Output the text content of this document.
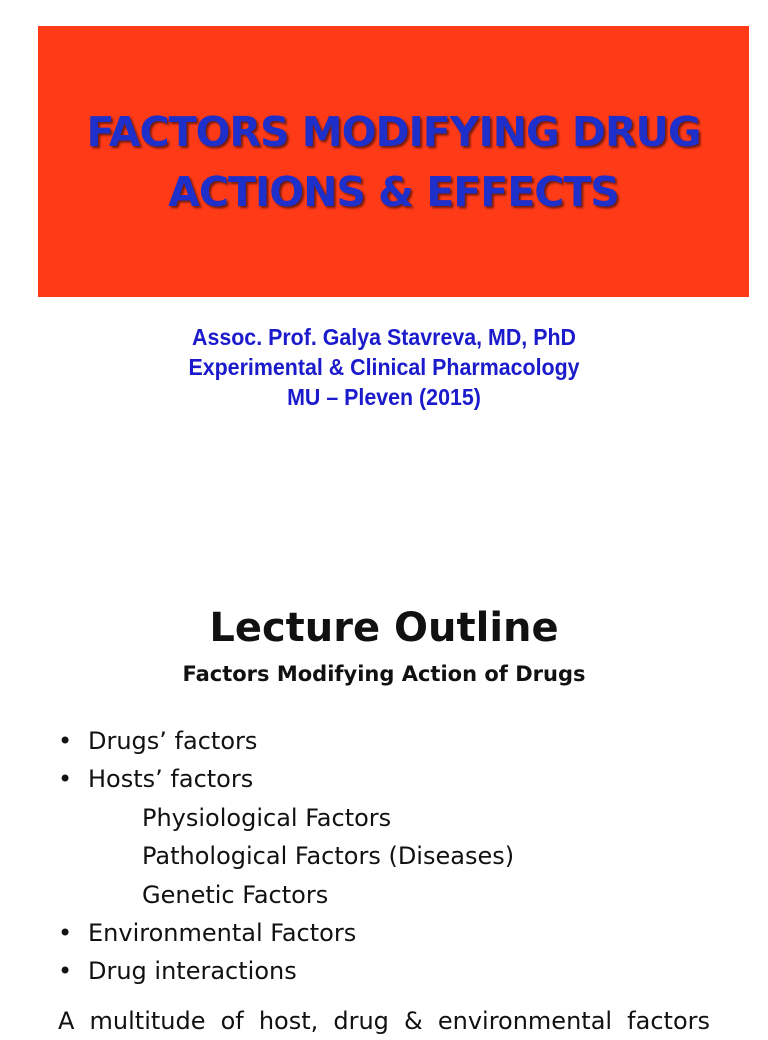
FACTORS MODIFYING DRUG
ACTIONS & EFFECTS
Assoc. Prof. Galya Stavreva, MD, PhD
Experimental & Clinical Pharmacology
MU – Pleven (2015)
Lecture Outline
Factors Modifying Action of Drugs
• Drugs’ factors
• Hosts’ factors
Physiological Factors
Pathological Factors (Diseases)
Genetic Factors
• Environmental Factors
• Drug interactions
A multitude of host, drug & environmental factors
